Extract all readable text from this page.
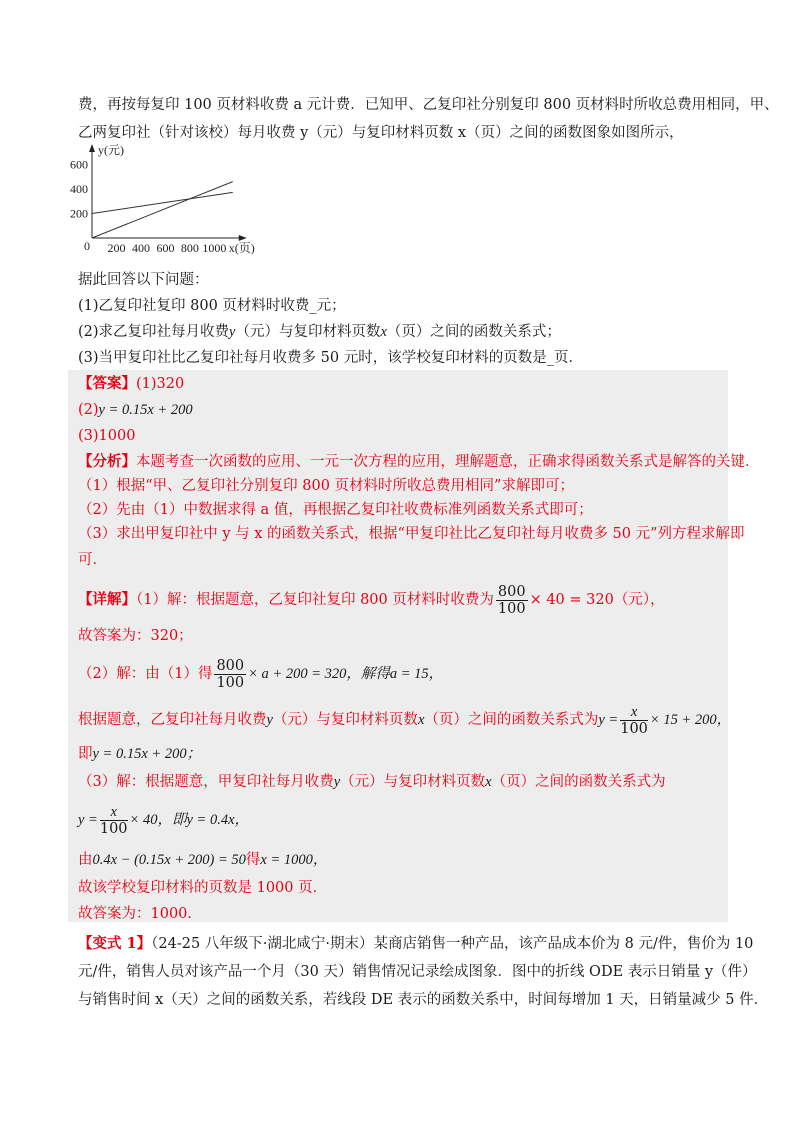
费，再按每复印 100 页材料收费 a 元计费．已知甲、乙复印社分别复印 800 页材料时所收总费用相同，甲、
乙两复印社（针对该校）每月收费 y（元）与复印材料页数 x（页）之间的函数图象如图所示，
y(元)
x(页)
0
200
400
600
200 400 600 800 1000
据此回答以下问题：
(1)乙复印社复印 800 页材料时收费_元；
(2)求乙复印社每月收费y（元）与复印材料页数x（页）之间的函数关系式；
(3)当甲复印社比乙复印社每月收费多 50 元时，该学校复印材料的页数是_页．
【答案】(1)320
(2)y = 0.15x + 200
(3)1000
【分析】本题考查一次函数的应用、一元一次方程的应用，理解题意，正确求得函数关系式是解答的关键．
（1）根据“甲、乙复印社分别复印 800 页材料时所收总费用相同”求解即可；
（2）先由（1）中数据求得 a 值，再根据乙复印社收费标准列函数关系式即可；
（3）求出甲复印社中 y 与 x 的函数关系式，根据“甲复印社比乙复印社每月收费多 50 元”列方程求解即
可．
【详解】（1）解：根据题意，乙复印社复印 800 页材料时收费为 $\frac{800}{100} \times 40 = 320$（元），
故答案为：320；
（2）解：由（1）得 $\frac{800}{100} \times a + 200 = 320$，解得a = 15，
根据题意，乙复印社每月收费y（元）与复印材料页数x（页）之间的函数关系式为$y = \frac{x}{100} \times 15 + 200$，
即y = 0.15x + 200；
（3）解：根据题意，甲复印社每月收费y（元）与复印材料页数x（页）之间的函数关系式为
$y = \frac{x}{100} \times 40$，即y = 0.4x，
由0.4x − (0.15x + 200) = 50得x = 1000，
故该学校复印材料的页数是 1000 页．
故答案为：1000．
【变式 1】（24-25 八年级下·湖北咸宁·期末）某商店销售一种产品，该产品成本价为 8 元/件，售价为 10
元/件，销售人员对该产品一个月（30 天）销售情况记录绘成图象．图中的折线 ODE 表示日销量 y（件）
与销售时间 x（天）之间的函数关系，若线段 DE 表示的函数关系中，时间每增加 1 天，日销量减少 5 件．
